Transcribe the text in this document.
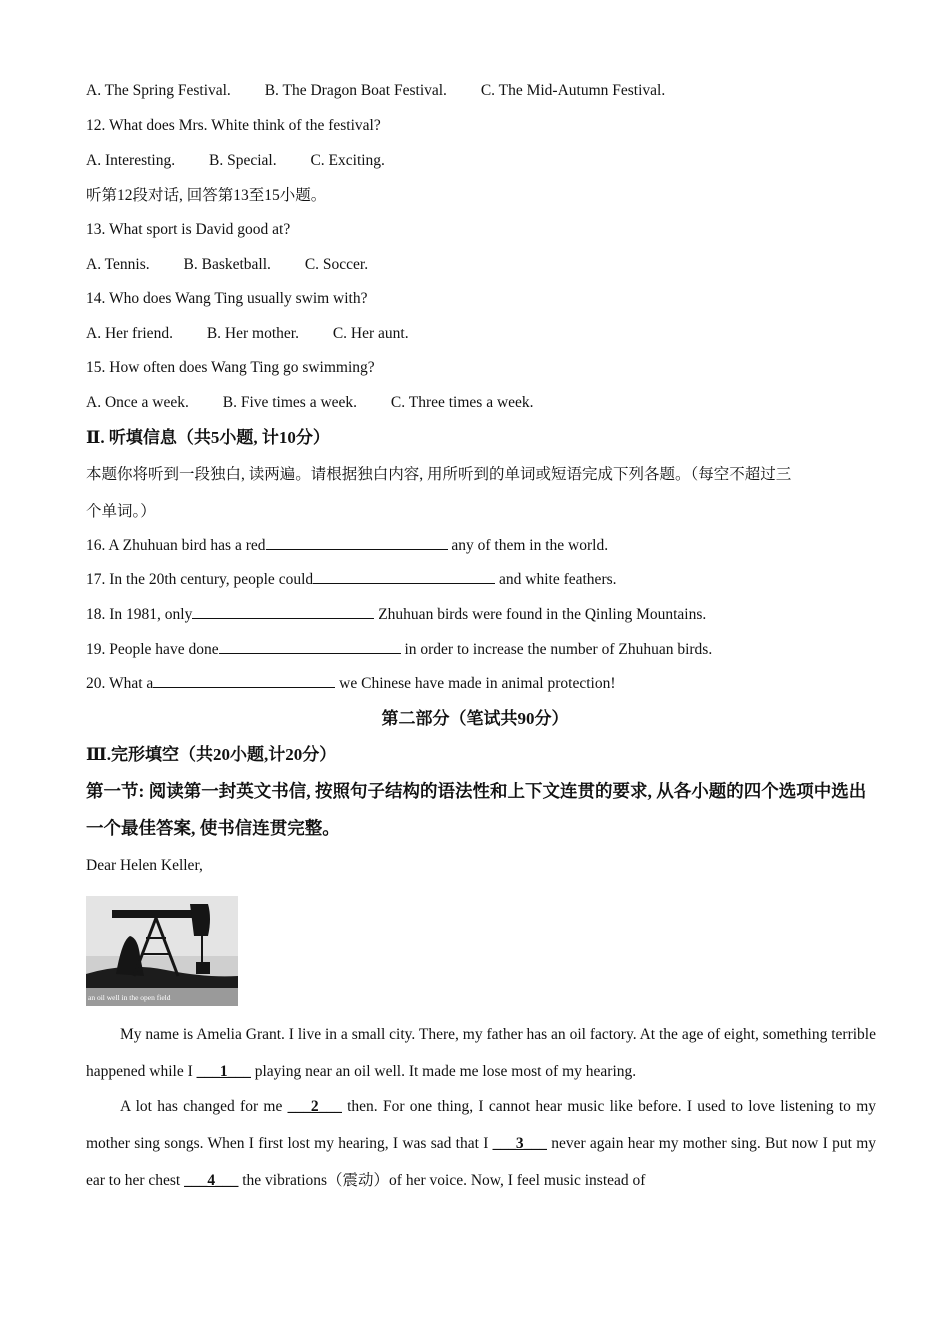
A. The Spring Festival. B. The Dragon Boat Festival. C. The Mid-Autumn Festival.
12. What does Mrs. White think of the festival?
A. Interesting. B. Special. C. Exciting.
听第12段对话, 回答第13至15小题。
13. What sport is David good at?
A. Tennis. B. Basketball. C. Soccer.
14. Who does Wang Ting usually swim with?
A. Her friend. B. Her mother. C. Her aunt.
15. How often does Wang Ting go swimming?
A. Once a week. B. Five times a week. C. Three times a week.
Ⅱ. 听填信息（共5小题, 计10分）
本题你将听到一段独白, 读两遍。请根据独白内容, 用所听到的单词或短语完成下列各题。（每空不超过三
个单词。）
16. A Zhuhuan bird has a red	any of them in the world.
17. In the 20th century, people could	and white feathers.
18. In 1981, only	Zhuhuan birds were found in the Qinling Mountains.
19. People have done	in order to increase the number of Zhuhuan birds.
20. What a	we Chinese have made in animal protection!
第二部分（笔试共90分）
Ⅲ.完形填空（共20小题,计20分）
第一节: 阅读第一封英文书信, 按照句子结构的语法性和上下文连贯的要求, 从各小题的四个选项中选出一个最佳答案, 使书信连贯完整。
Dear Helen Keller,
an oil well in the open field
My name is Amelia Grant. I live in a small city. There, my father has an oil factory. At the age of eight, something terrible happened while I ___1___ playing near an oil well. It made me lose most of my hearing.
A lot has changed for me ___2___ then. For one thing, I cannot hear music like before. I used to love listening to my mother sing songs. When I first lost my hearing, I was sad that I ___3___ never again hear my mother sing. But now I put my ear to her chest ___4___ the vibrations（震动）of her voice. Now, I feel music instead of
